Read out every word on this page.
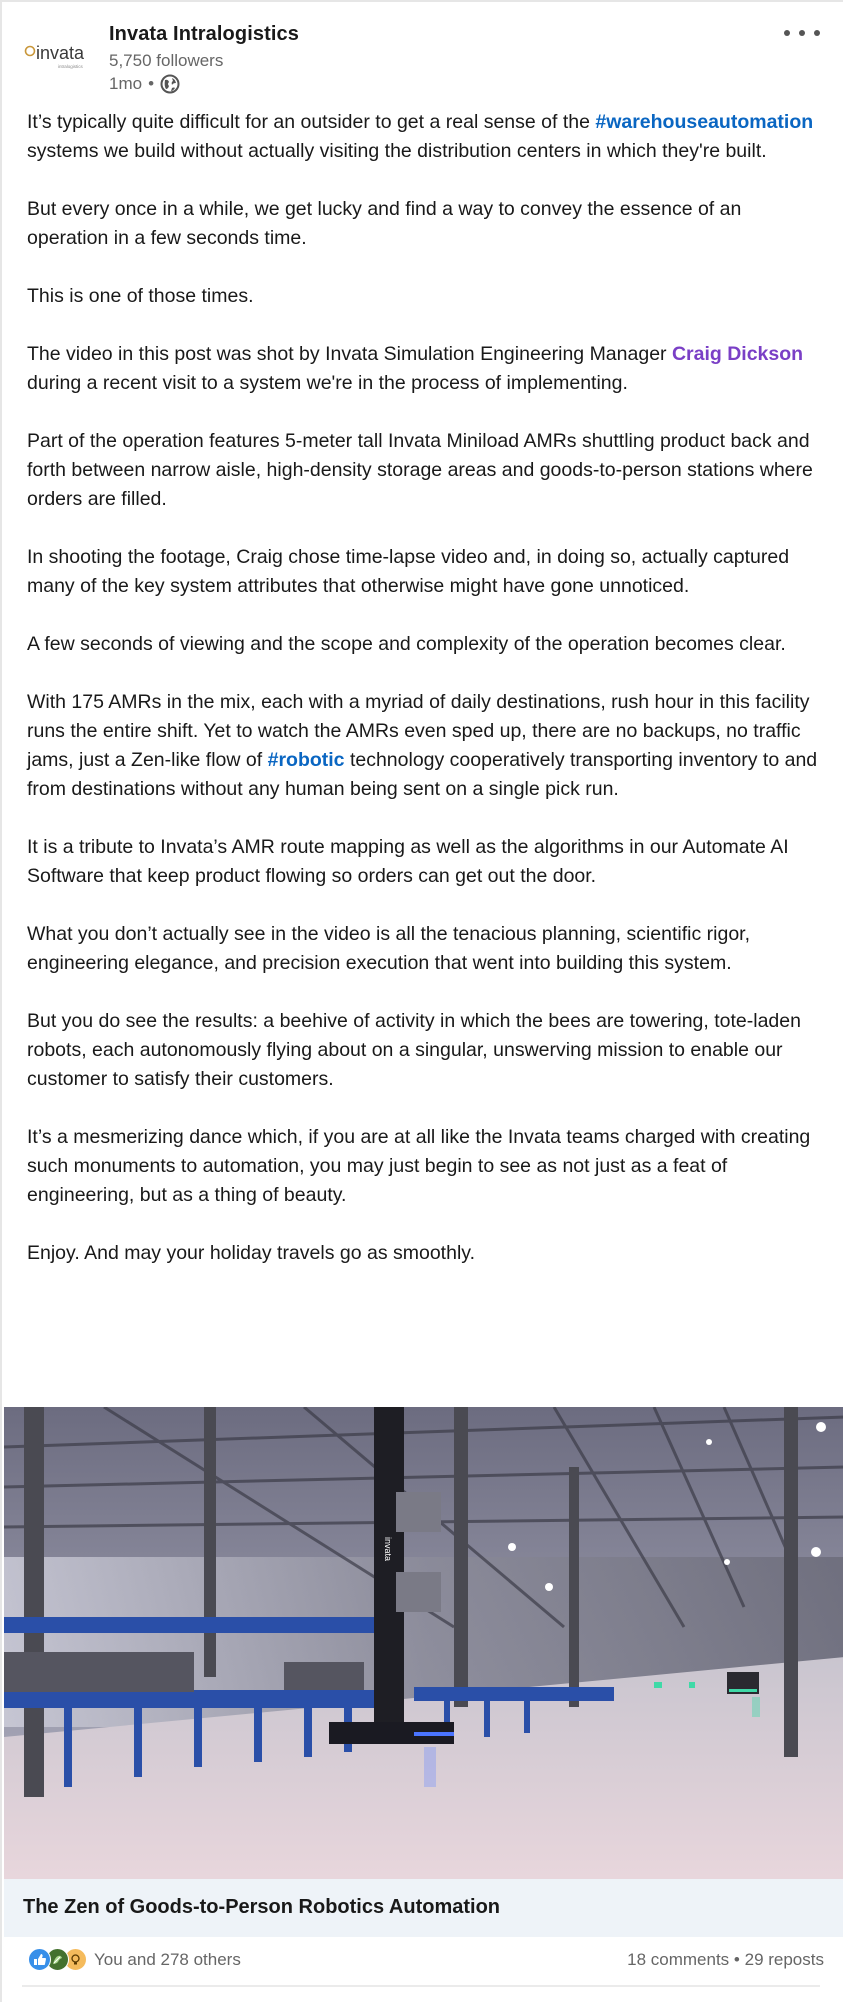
invata
intralogistics
Invata Intralogistics
5,750 followers
1mo •

It’s typically quite difficult for an outsider to get a real sense of the #warehouseautomation systems we build without actually visiting the distribution centers in which they're built.

But every once in a while, we get lucky and find a way to convey the essence of an operation in a few seconds time.

This is one of those times.

The video in this post was shot by Invata Simulation Engineering Manager Craig Dickson during a recent visit to a system we're in the process of implementing.

Part of the operation features 5-meter tall Invata Miniload AMRs shuttling product back and forth between narrow aisle, high-density storage areas and goods-to-person stations where orders are filled.

In shooting the footage, Craig chose time-lapse video and, in doing so, actually captured many of the key system attributes that otherwise might have gone unnoticed.

A few seconds of viewing and the scope and complexity of the operation becomes clear.

With 175 AMRs in the mix, each with a myriad of daily destinations, rush hour in this facility runs the entire shift. Yet to watch the AMRs even sped up, there are no backups, no traffic jams, just a Zen-like flow of #robotic technology cooperatively transporting inventory to and from destinations without any human being sent on a single pick run.

It is a tribute to Invata’s AMR route mapping as well as the algorithms in our Automate AI Software that keep product flowing so orders can get out the door.

What you don’t actually see in the video is all the tenacious planning, scientific rigor, engineering elegance, and precision execution that went into building this system.

But you do see the results: a beehive of activity in which the bees are towering, tote-laden robots, each autonomously flying about on a singular, unswerving mission to enable our customer to satisfy their customers.

It’s a mesmerizing dance which, if you are at all like the Invata teams charged with creating such monuments to automation, you may just begin to see as not just as a feat of engineering, but as a thing of beauty.

Enjoy. And may your holiday travels go as smoothly.

invata
The Zen of Goods-to-Person Robotics Automation
You and 278 others	18 comments • 29 reposts
